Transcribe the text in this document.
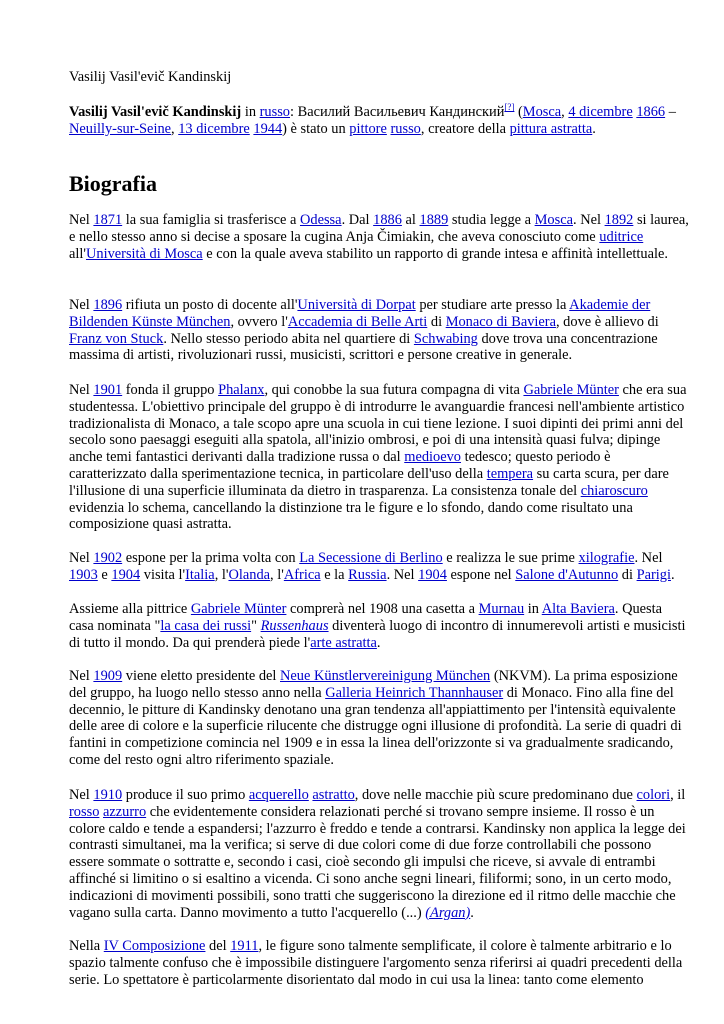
Vasilij Vasil'evič Kandinskij

Vasilij Vasil'evič Kandinskij in russo: Василий Васильевич Кандинский[?] (Mosca, 4 dicembre 1866 – Neuilly-sur-Seine, 13 dicembre 1944) è stato un pittore russo, creatore della pittura astratta.

Biografia

Nel 1871 la sua famiglia si trasferisce a Odessa. Dal 1886 al 1889 studia legge a Mosca. Nel 1892 si laurea, e nello stesso anno si decise a sposare la cugina Anja Čimiakin, che aveva conosciuto come uditrice all'Università di Mosca e con la quale aveva stabilito un rapporto di grande intesa e affinità intellettuale.

Nel 1896 rifiuta un posto di docente all'Università di Dorpat per studiare arte presso la Akademie der Bildenden Künste München, ovvero l'Accademia di Belle Arti di Monaco di Baviera, dove è allievo di Franz von Stuck. Nello stesso periodo abita nel quartiere di Schwabing dove trova una concentrazione massima di artisti, rivoluzionari russi, musicisti, scrittori e persone creative in generale.

Nel 1901 fonda il gruppo Phalanx, qui conobbe la sua futura compagna di vita Gabriele Münter che era sua studentessa. L'obiettivo principale del gruppo è di introdurre le avanguardie francesi nell'ambiente artistico tradizionalista di Monaco, a tale scopo apre una scuola in cui tiene lezione. I suoi dipinti dei primi anni del secolo sono paesaggi eseguiti alla spatola, all'inizio ombrosi, e poi di una intensità quasi fulva; dipinge anche temi fantastici derivanti dalla tradizione russa o dal medioevo tedesco; questo periodo è caratterizzato dalla sperimentazione tecnica, in particolare dell'uso della tempera su carta scura, per dare l'illusione di una superficie illuminata da dietro in trasparenza. La consistenza tonale del chiaroscuro evidenzia lo schema, cancellando la distinzione tra le figure e lo sfondo, dando come risultato una composizione quasi astratta.

Nel 1902 espone per la prima volta con La Secessione di Berlino e realizza le sue prime xilografie. Nel 1903 e 1904 visita l'Italia, l'Olanda, l'Africa e la Russia. Nel 1904 espone nel Salone d'Autunno di Parigi.

Assieme alla pittrice Gabriele Münter comprerà nel 1908 una casetta a Murnau in Alta Baviera. Questa casa nominata "la casa dei russi" Russenhaus diventerà luogo di incontro di innumerevoli artisti e musicisti di tutto il mondo. Da qui prenderà piede l'arte astratta.

Nel 1909 viene eletto presidente del Neue Künstlervereinigung München (NKVM). La prima esposizione del gruppo, ha luogo nello stesso anno nella Galleria Heinrich Thannhauser di Monaco. Fino alla fine del decennio, le pitture di Kandinsky denotano una gran tendenza all'appiattimento per l'intensità equivalente delle aree di colore e la superficie rilucente che distrugge ogni illusione di profondità. La serie di quadri di fantini in competizione comincia nel 1909 e in essa la linea dell'orizzonte si va gradualmente sradicando, come del resto ogni altro riferimento spaziale.

Nel 1910 produce il suo primo acquerello astratto, dove nelle macchie più scure predominano due colori, il rosso azzurro che evidentemente considera relazionati perché si trovano sempre insieme. Il rosso è un colore caldo e tende a espandersi; l'azzurro è freddo e tende a contrarsi. Kandinsky non applica la legge dei contrasti simultanei, ma la verifica; si serve di due colori come di due forze controllabili che possono essere sommate o sottratte e, secondo i casi, cioè secondo gli impulsi che riceve, si avvale di entrambi affinché si limitino o si esaltino a vicenda. Ci sono anche segni lineari, filiformi; sono, in un certo modo, indicazioni di movimenti possibili, sono tratti che suggeriscono la direzione ed il ritmo delle macchie che vagano sulla carta. Danno movimento a tutto l'acquerello (...) (Argan).

Nella IV Composizione del 1911, le figure sono talmente semplificate, il colore è talmente arbitrario e lo spazio talmente confuso che è impossibile distinguere l'argomento senza riferirsi ai quadri precedenti della serie. Lo spettatore è particolarmente disorientato dal modo in cui usa la linea: tanto come elemento
